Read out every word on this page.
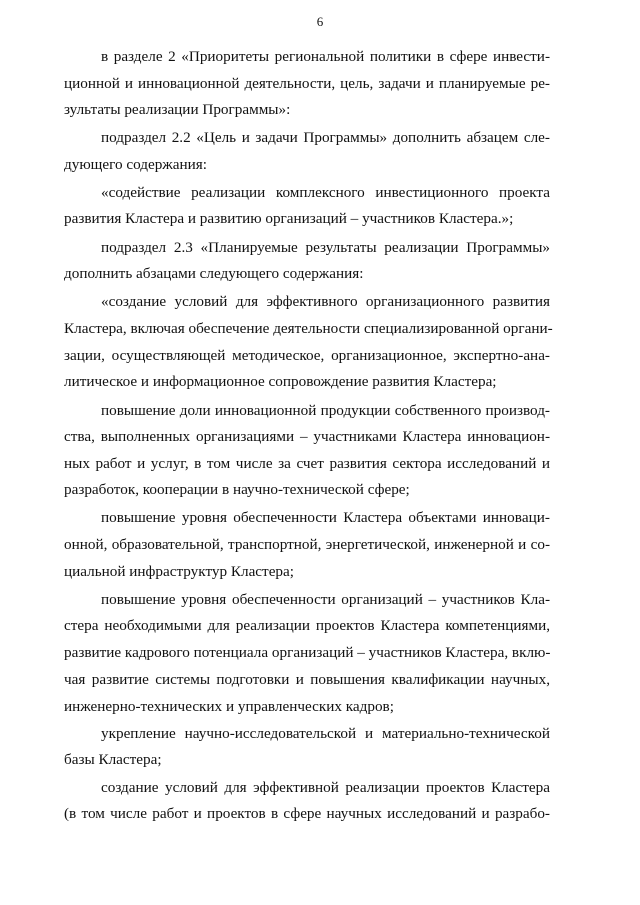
6
в разделе 2 «Приоритеты региональной политики в сфере инвести-
ционной и инновационной деятельности, цель, задачи и планируемые ре-
зультаты реализации Программы»:
подраздел 2.2 «Цель и задачи Программы» дополнить абзацем сле-
дующего содержания:
«содействие реализации комплексного инвестиционного проекта
развития Кластера и развитию организаций – участников Кластера.»;
подраздел 2.3 «Планируемые результаты реализации Программы»
дополнить абзацами следующего содержания:
«создание условий для эффективного организационного развития
Кластера, включая обеспечение деятельности специализированной органи-
зации, осуществляющей методическое, организационное, экспертно-ана-
литическое и информационное сопровождение развития Кластера;
повышение доли инновационной продукции собственного производ-
ства, выполненных организациями – участниками Кластера инновацион-
ных работ и услуг, в том числе за счет развития сектора исследований и
разработок, кооперации в научно-технической сфере;
повышение уровня обеспеченности Кластера объектами инновaци-
онной, образовательной, транспортной, энергетической, инженерной и со-
циальной инфраструктур Кластера;
повышение уровня обеспеченности организаций – участников Кла-
стера необходимыми для реализации проектов Кластера компетенциями,
развитие кадрового потенциала организаций – участников Кластера, вклю-
чая развитие системы подготовки и повышения квалификации научных,
инженерно-технических и управленческих кадров;
укрепление научно-исследовательской и материально-технической
базы Кластера;
создание условий для эффективной реализации проектов Кластера
(в том числе работ и проектов в сфере научных исследований и разрабо-
